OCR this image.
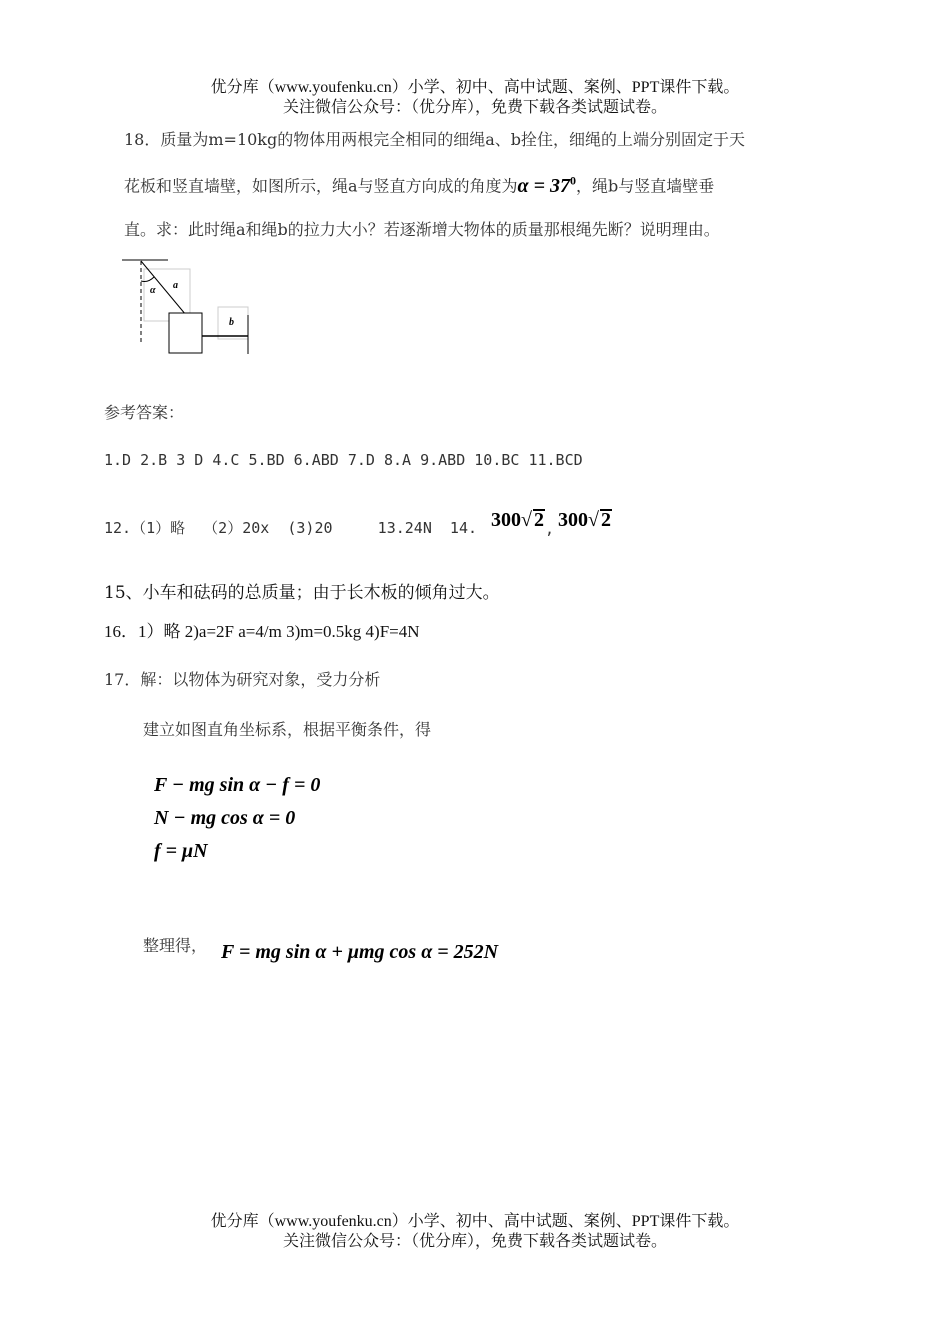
优分库（www.youfenku.cn）小学、初中、高中试题、案例、PPT课件下载。
关注微信公众号：（优分库），免费下载各类试题试卷。
18．质量为m=10kg的物体用两根完全相同的细绳a、b拴住，细绳的上端分别固定于天
花板和竖直墙壁，如图所示，绳a与竖直方向成的角度为$\alpha = 37^0$，绳b与竖直墙壁垂
直。求：此时绳a和绳b的拉力大小？若逐渐增大物体的质量那根绳先断？说明理由。
α a
b
参考答案：
1.D 2.B 3 D 4.C 5.BD 6.ABD 7.D 8.A 9.ABD 10.BC 11.BCD
12.（1）略  （2）20x  (3)20     13.24N  14. 300√ 2 , 300√ 2
15、小车和砝码的总质量；由于长木板的倾角过大。
16．1）略 2)a=2F a=4/m 3)m=0.5kg 4)F=4N
17．解：以物体为研究对象，受力分析
建立如图直角坐标系，根据平衡条件，得
F − mg sin α − f = 0
N − mg cos α = 0
f = μN
整理得， F = mg sin α + μmg cos α = 252N
优分库（www.youfenku.cn）小学、初中、高中试题、案例、PPT课件下载。
关注微信公众号：（优分库），免费下载各类试题试卷。
